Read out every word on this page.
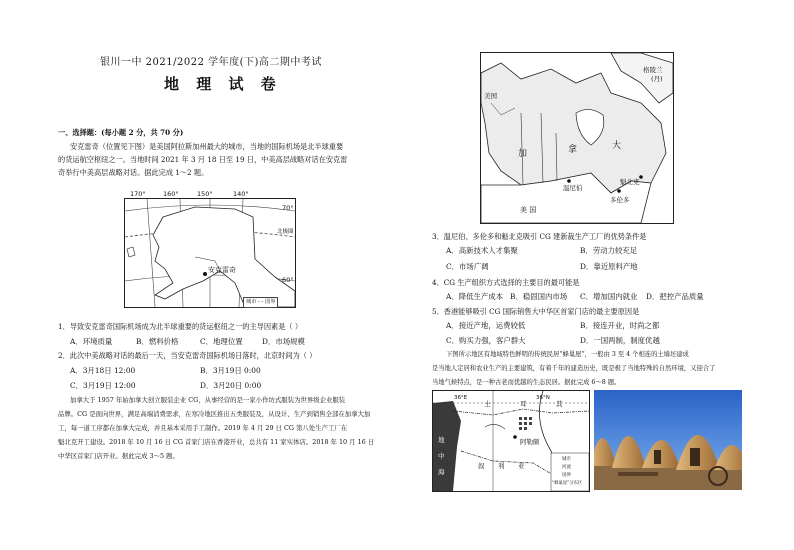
银川一中 2021/2022 学年度(下)高二期中考试
地 理 试 卷
一、选择题：(每小题 2 分，共 70 分)
安克雷奇（位置见下图）是美国阿拉斯加州最大的城市，当地的国际机场是北半球重要
的货运航空枢纽之一。当地时间 2021 年 3 月 18 日至 19 日，中美高层战略对话在安克雷
奇举行中美高层战略对话。据此完成 1～2 题。
170°	160°	150°	140°
70°
60°
北极圈
安克雷奇
城市 - - 国界
1．导致安克雷奇国际机场成为北半球重要的货运枢纽之一的主导因素是（ ）
A．环境质量	B．燃料价格	C．地理位置	D．市场规模
2．此次中美战略对话的最后一天，当安克雷奇国际机场日落时，北京时间为（ ）
A．3月18日 12:00	B．3月19日 0:00
C．3月19日 12:00	D．3月20日 0:00
加拿大于 1957 年始加拿大创立服装企业 CG，从事经营的是一家小作坊式服装为世界级企业服装
品牌。CG 是面向世界，满足高端消费需求，在寒冷地区推出五类服装及，从设计、生产到销售全部在加拿大加
工，每一道工序都在加拿大完成，并且基本采用手工制作。2019 年 4 月 29 日 CG 第八处生产工厂在
魁北克开工建设。2018 年 10 月 16 日 CG 首家门店在香港开业，总共有 11 家实体店。2018 年 10 月 16 日
中华区首家门店开业。据此完成 3～5 题。
格陵兰
(丹)
美国
加	拿	大
温尼伯
魁北克
多伦多
美 国
3．温尼伯、多伦多和魁北克吸引 CG 建新裁生产工厂的优势条件是
A．高新技术人才集聚	B．劳动力较充足
C．市场广阔	D．靠近原料产地
4．CG 生产组织方式选择的主要目的最可能是
A．降低生产成本 B．稳固国内市场 C．增加国内就业 D．把控产品质量
5．香港能够吸引 CG 国际销售大中华区首家门店的最主要原因是
A．接近产地，运费较低	B．接连开业，时尚之都
C．购买力强，客户群大	D．一国两制，制度优越
下图所示地区有地域特色鲜明的传统民居“蜂巢屋”，一般由 3 至 4 个相连的土墙坯建成
是当地人定居和农业生产的主要建筑，有着千年的建造历史，既是极了当地特殊的自然环境，又迎合了
当地气候特点，是一种古老而优越的生态民居。据此完成 6～8 题。
36°E	36°N
土	耳	其
阿勒颇
叙 利 亚
地
中
海
城市
河流
国界
“蜂巢屋”分布区
